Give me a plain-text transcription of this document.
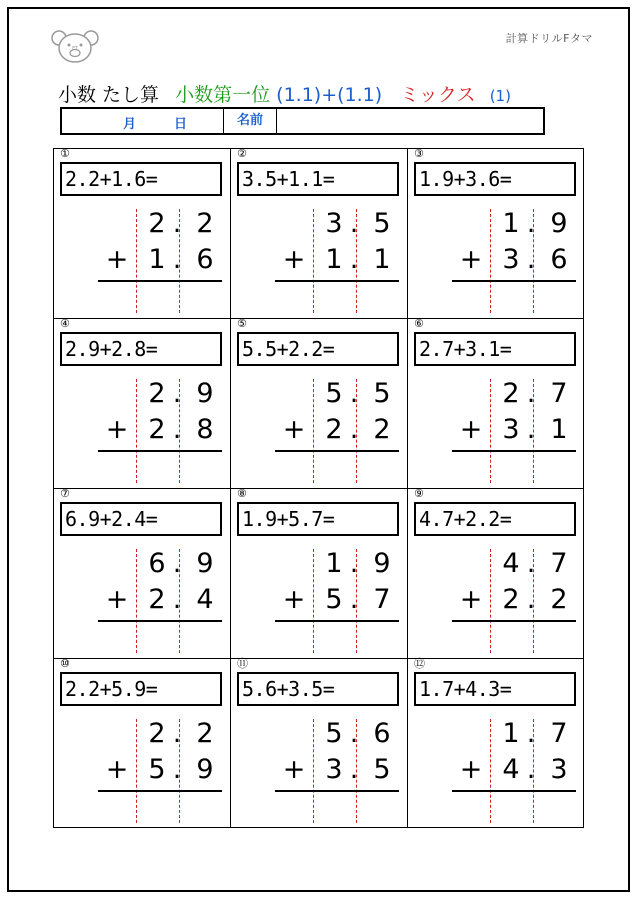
FT
計算ドリルFタマ
小数 たし算 小数第一位 (1.1)+(1.1) ミックス (1)
月	日	名前
①
2.2+1.6=
2 . 2
+ 1 . 6
②
3.5+1.1=
3 . 5
+ 1 . 1
③
1.9+3.6=
1 . 9
+ 3 . 6
④
2.9+2.8=
2 . 9
+ 2 . 8
⑤
5.5+2.2=
5 . 5
+ 2 . 2
⑥
2.7+3.1=
2 . 7
+ 3 . 1
⑦
6.9+2.4=
6 . 9
+ 2 . 4
⑧
1.9+5.7=
1 . 9
+ 5 . 7
⑨
4.7+2.2=
4 . 7
+ 2 . 2
⑩
2.2+5.9=
2 . 2
+ 5 . 9
⑪
5.6+3.5=
5 . 6
+ 3 . 5
⑫
1.7+4.3=
1 . 7
+ 4 . 3
